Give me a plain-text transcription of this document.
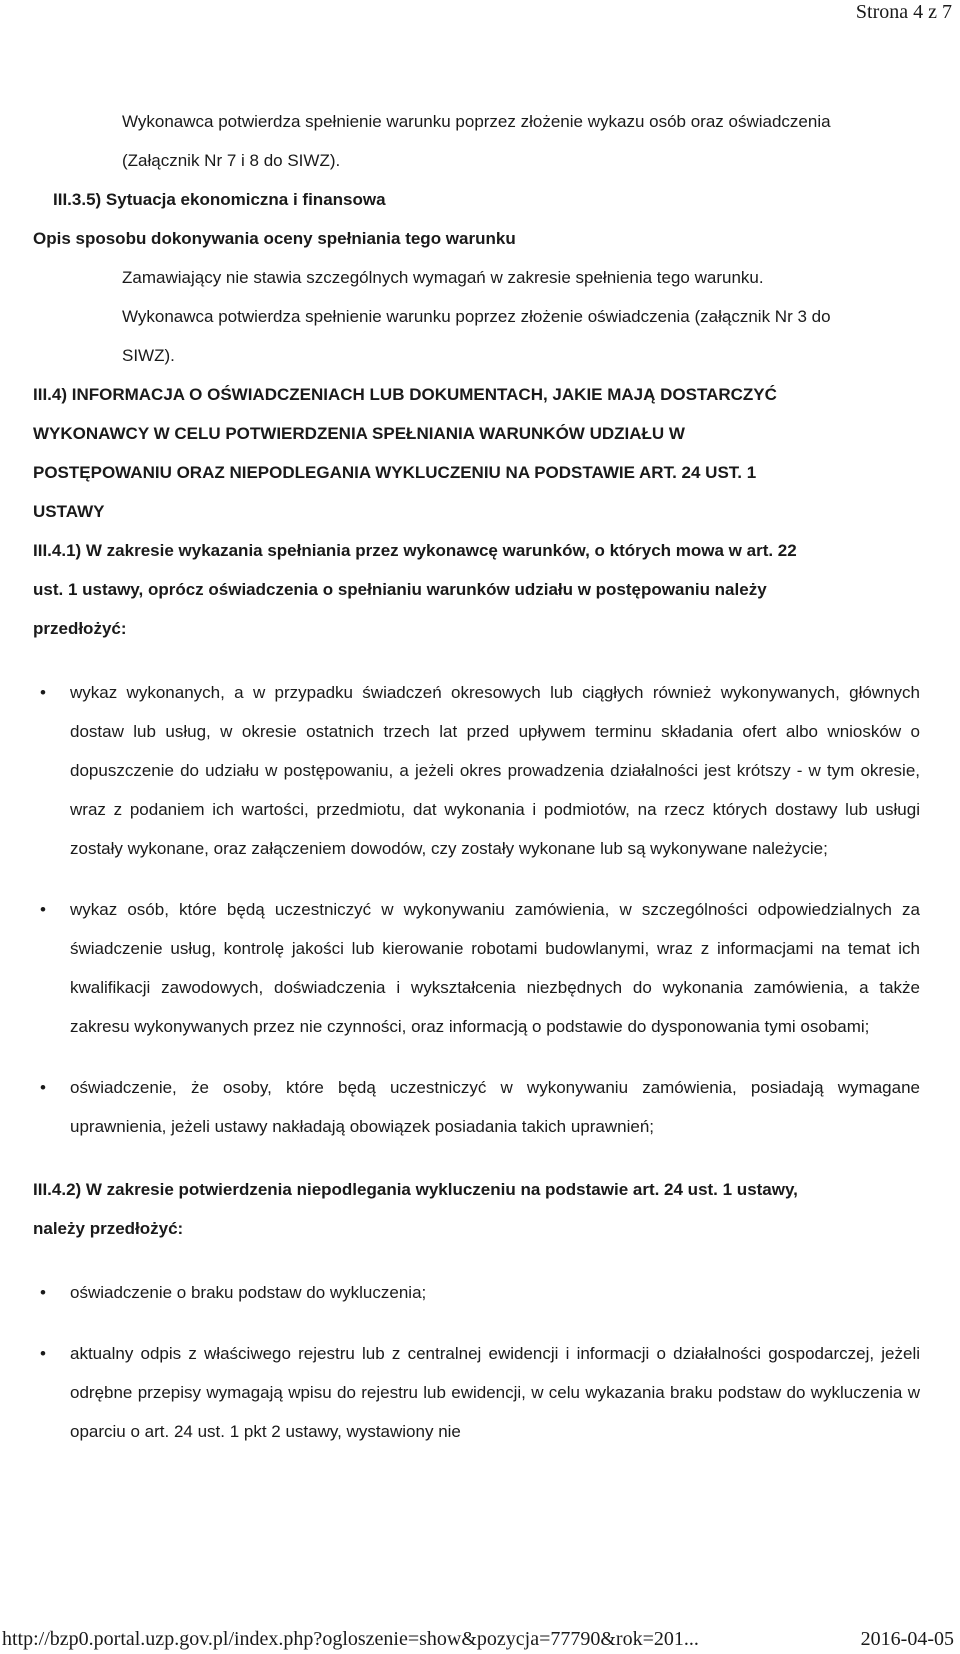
Strona 4 z 7
Wykonawca potwierdza spełnienie warunku poprzez złożenie wykazu osób oraz oświadczenia
(Załącznik Nr 7 i 8 do SIWZ).
III.3.5) Sytuacja ekonomiczna i finansowa
Opis sposobu dokonywania oceny spełniania tego warunku
Zamawiający nie stawia szczególnych wymagań w zakresie spełnienia tego warunku.
Wykonawca potwierdza spełnienie warunku poprzez złożenie oświadczenia (załącznik Nr 3 do
SIWZ).
III.4) INFORMACJA O OŚWIADCZENIACH LUB DOKUMENTACH, JAKIE MAJĄ DOSTARCZYĆ
WYKONAWCY W CELU POTWIERDZENIA SPEŁNIANIA WARUNKÓW UDZIAŁU W
POSTĘPOWANIU ORAZ NIEPODLEGANIA WYKLUCZENIU NA PODSTAWIE ART. 24 UST. 1
USTAWY
III.4.1) W zakresie wykazania spełniania przez wykonawcę warunków, o których mowa w art. 22
ust. 1 ustawy, oprócz oświadczenia o spełnianiu warunków udziału w postępowaniu należy
przedłożyć:
•	wykaz wykonanych, a w przypadku świadczeń okresowych lub ciągłych również wykonywanych, głównych dostaw lub usług, w okresie ostatnich trzech lat przed upływem terminu składania ofert albo wniosków o dopuszczenie do udziału w postępowaniu, a jeżeli okres prowadzenia działalności jest krótszy - w tym okresie, wraz z podaniem ich wartości, przedmiotu, dat wykonania i podmiotów, na rzecz których dostawy lub usługi zostały wykonane, oraz załączeniem dowodów, czy zostały wykonane lub są wykonywane należycie;
•	wykaz osób, które będą uczestniczyć w wykonywaniu zamówienia, w szczególności odpowiedzialnych za świadczenie usług, kontrolę jakości lub kierowanie robotami budowlanymi, wraz z informacjami na temat ich kwalifikacji zawodowych, doświadczenia i wykształcenia niezbędnych do wykonania zamówienia, a także zakresu wykonywanych przez nie czynności, oraz informacją o podstawie do dysponowania tymi osobami;
•	oświadczenie, że osoby, które będą uczestniczyć w wykonywaniu zamówienia, posiadają wymagane uprawnienia, jeżeli ustawy nakładają obowiązek posiadania takich uprawnień;
III.4.2) W zakresie potwierdzenia niepodlegania wykluczeniu na podstawie art. 24 ust. 1 ustawy,
należy przedłożyć:
•	oświadczenie o braku podstaw do wykluczenia;
•	aktualny odpis z właściwego rejestru lub z centralnej ewidencji i informacji o działalności gospodarczej, jeżeli odrębne przepisy wymagają wpisu do rejestru lub ewidencji, w celu wykazania braku podstaw do wykluczenia w oparciu o art. 24 ust. 1 pkt 2 ustawy, wystawiony nie
http://bzp0.portal.uzp.gov.pl/index.php?ogloszenie=show&pozycja=77790&rok=201...	2016-04-05
